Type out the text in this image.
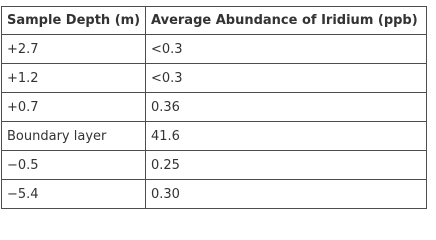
Sample Depth (m)	Average Abundance of Iridium (ppb)
+2.7	<0.3
+1.2	<0.3
+0.7	0.36
Boundary layer	41.6
−0.5	0.25
−5.4	0.30
